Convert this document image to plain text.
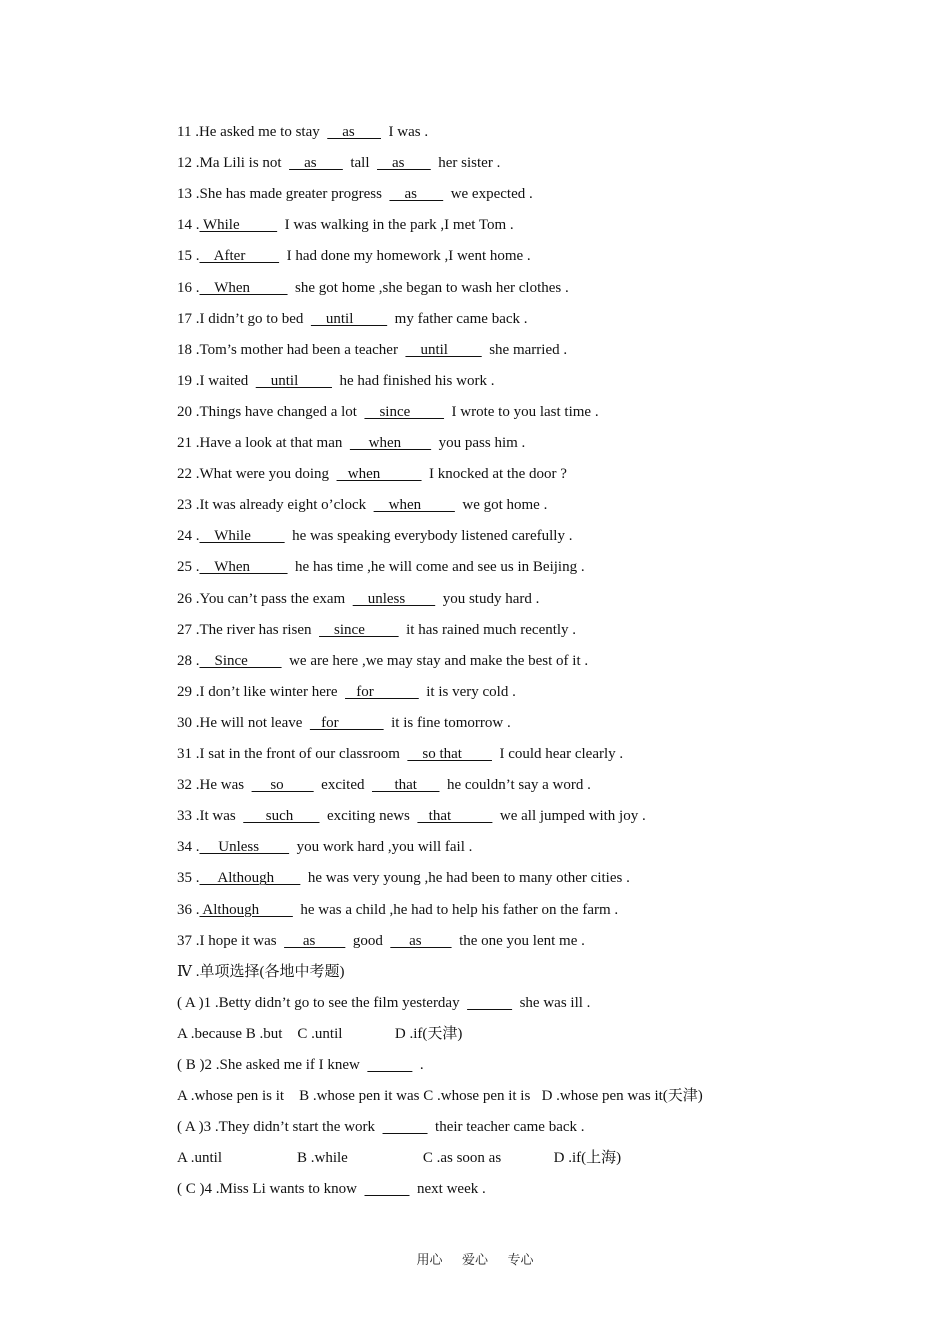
11 .He asked me to stay      as         I was .
12 .Ma Lili is not      as         tall      as         her sister .
13 .She has made greater progress      as         we expected .
14 . While            I was walking in the park ,I met Tom .
15 .    After           I had done my homework ,I went home .
16 .    When            she got home ,she began to wash her clothes .
17 .I didn’t go to bed      until           my father came back .
18 .Tom’s mother had been a teacher      until           she married .
19 .I waited      until           he had finished his work .
20 .Things have changed a lot      since           I wrote to you last time .
21 .Have a look at that man       when          you pass him .
22 .What were you doing     when             I knocked at the door ?
23 .It was already eight o’clock      when           we got home .
24 .    While           he was speaking everybody listened carefully .
25 .    When            he has time ,he will come and see us in Beijing .
26 .You can’t pass the exam      unless          you study hard .
27 .The river has risen      since           it has rained much recently .
28 .    Since           we are here ,we may stay and make the best of it .
29 .I don’t like winter here     for              it is very cold .
30 .He will not leave     for              it is fine tomorrow .
31 .I sat in the front of our classroom      so that          I could hear clearly .
32 .He was       so          excited        that        he couldn’t say a word .
33 .It was        such         exciting news     that             we all jumped with joy .
34 .     Unless          you work hard ,you will fail .
35 .     Although         he was very young ,he had been to many other cities .
36 . Although           he was a child ,he had to help his father on the farm .
37 .I hope it was       as          good       as          the one you lent me .
Ⅳ .单项选择(各地中考题)
( A )1 .Betty didn’t go to see the film yesterday	she was ill .
A .because B .but    C .until              D .if(天津)
( B )2 .She asked me if I knew	.
A .whose pen is it    B .whose pen it was C .whose pen it is   D .whose pen was it(天津)
( A )3 .They didn’t start the work	their teacher came back .
A .until                    B .while                    C .as soon as              D .if(上海)
( C )4 .Miss Li wants to know	next week .
用心      爱心      专心
